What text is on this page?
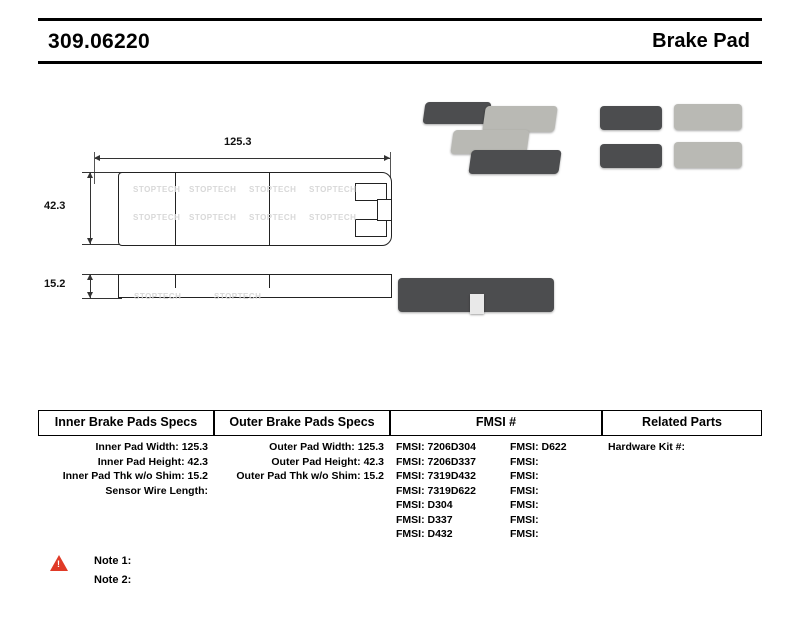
309.06220	Brake Pad
125.3
42.3
15.2
STOPTECH
STOPTECH
STOPTECH
STOPTECH
STOPTECH
STOPTECH
STOPTECH
STOPTECH
STOPTECH	STOPTECH
Inner Brake Pads Specs
Inner Pad Width: 125.3
Inner Pad Height: 42.3
Inner Pad Thk w/o Shim: 15.2
Sensor Wire Length:
Outer Brake Pads Specs
Outer Pad Width: 125.3
Outer Pad Height: 42.3
Outer Pad Thk w/o Shim: 15.2
FMSI #
FMSI: 7206D304
FMSI: 7206D337
FMSI: 7319D432
FMSI: 7319D622
FMSI: D304
FMSI: D337
FMSI: D432
FMSI: D622
FMSI:
FMSI:
FMSI:
FMSI:
FMSI:
FMSI:
Related Parts
Hardware Kit #:
!
Note 1:
Note 2:
